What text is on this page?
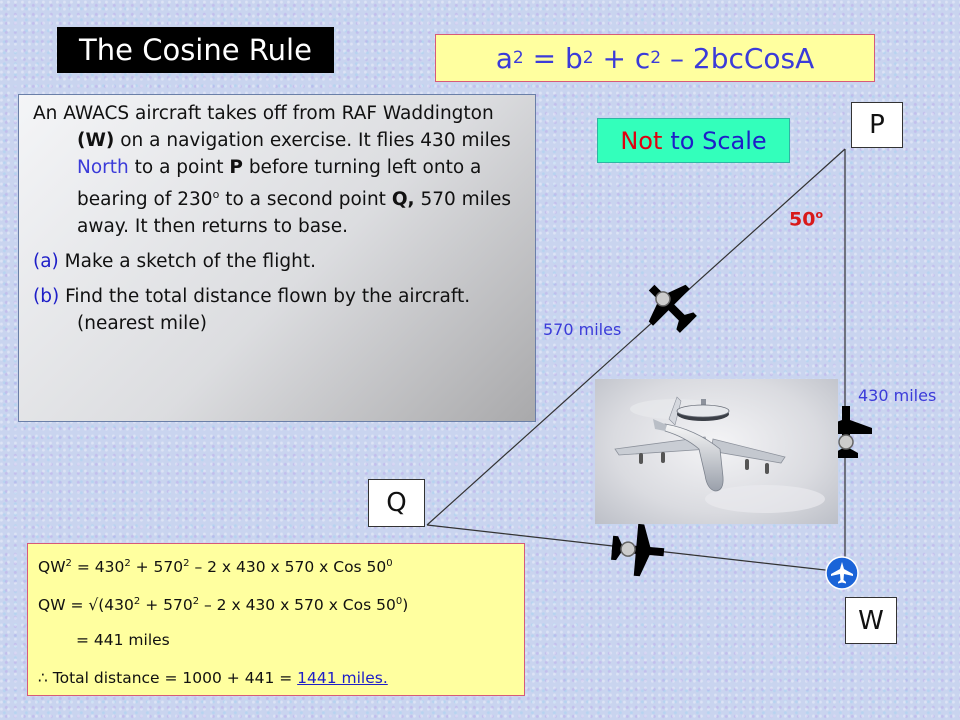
The Cosine Rule	a 2 = b 2 + c 2
– 2bcCosA

An AWACS aircraft takes off from RAF Waddington (W) on a navigation exercise. It flies 430 miles North to a point P before turning left onto a bearing of 230$^o$ to a second point Q, 570 miles away. It then returns to base.

(a) Make a sketch of the flight.

(b) Find the total distance flown by the aircraft. (nearest mile)

Not to Scale
P
Q
W
570 miles
430 miles
50$^o$
$QW^2 = 430^2 + 570^2 - 2$ x 430 x 570 x Cos $50^0$
QW = $√(430^2 + 570^2 - 2$ x 430 x 570 x Cos $50^0$)
= 441 miles
∴ Total distance = 1000 + 441 = 1441 miles.
